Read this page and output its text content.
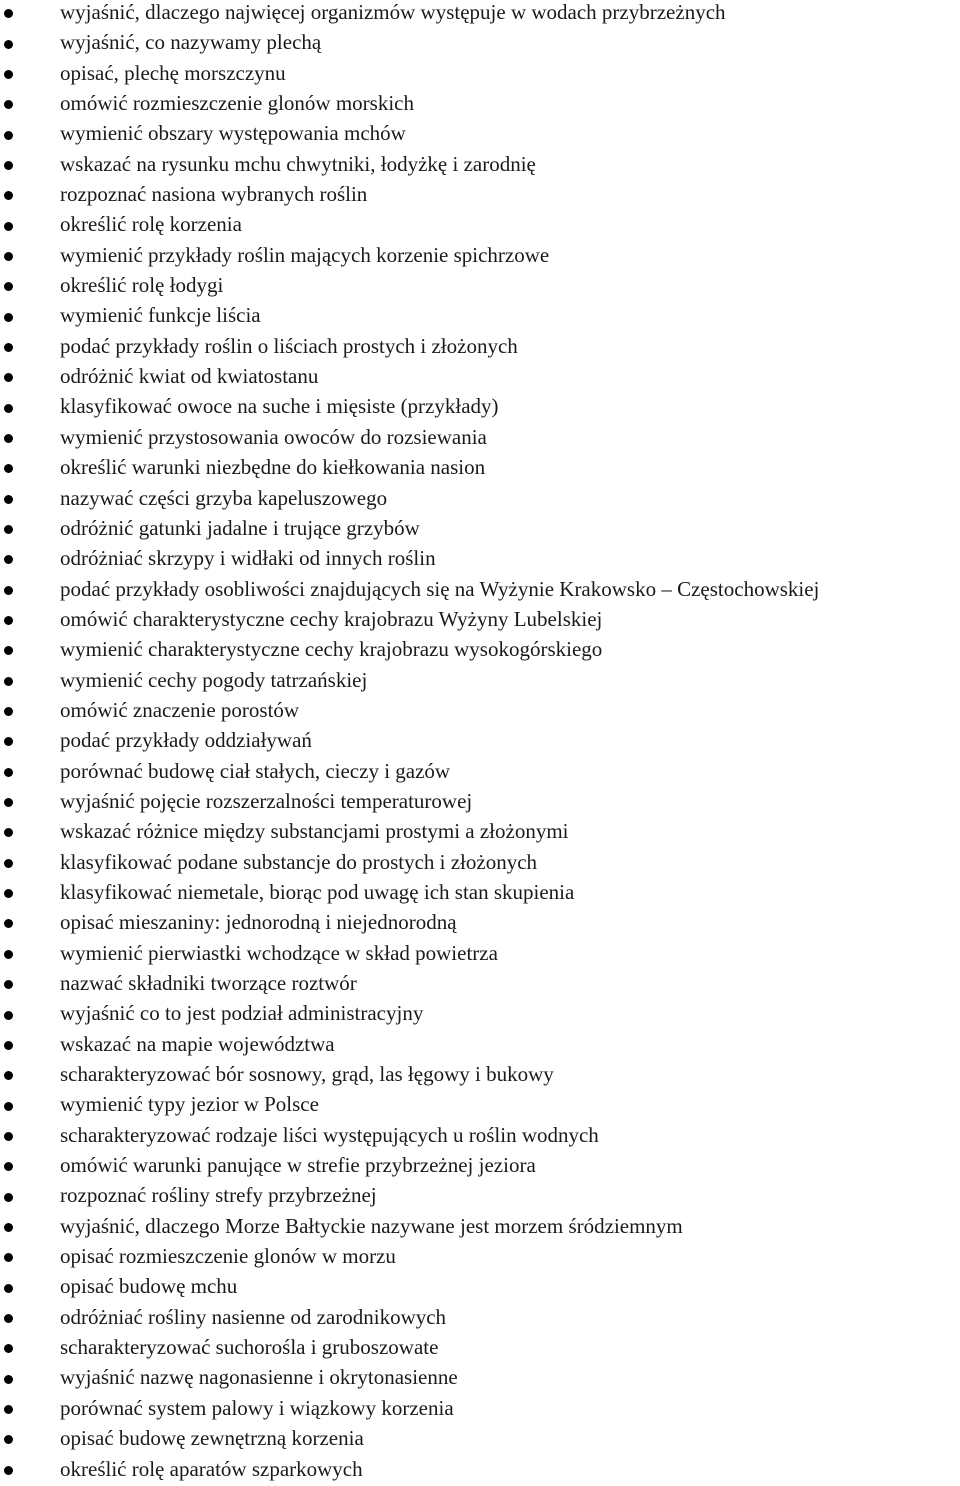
wyjaśnić, dlaczego najwięcej organizmów występuje w wodach przybrzeżnych
wyjaśnić, co nazywamy plechą
opisać, plechę morszczynu
omówić rozmieszczenie glonów morskich
wymienić obszary występowania mchów
wskazać na rysunku mchu chwytniki, łodyżkę i zarodnię
rozpoznać nasiona wybranych roślin
określić rolę korzenia
wymienić przykłady roślin mających korzenie spichrzowe
określić rolę łodygi
wymienić funkcje liścia
podać przykłady roślin o liściach prostych i złożonych
odróżnić kwiat od kwiatostanu
klasyfikować owoce na suche i mięsiste (przykłady)
wymienić przystosowania owoców do rozsiewania
określić warunki niezbędne do kiełkowania nasion
nazywać części grzyba kapeluszowego
odróżnić gatunki jadalne i trujące grzybów
odróżniać skrzypy i widłaki od innych roślin
podać przykłady osobliwości znajdujących się na Wyżynie Krakowsko – Częstochowskiej
omówić charakterystyczne cechy krajobrazu Wyżyny Lubelskiej
wymienić charakterystyczne cechy krajobrazu wysokogórskiego
wymienić cechy pogody tatrzańskiej
omówić znaczenie porostów
podać przykłady oddziaływań
porównać budowę ciał stałych, cieczy i gazów
wyjaśnić pojęcie rozszerzalności temperaturowej
wskazać różnice między substancjami prostymi a złożonymi
klasyfikować podane substancje do prostych i złożonych
klasyfikować niemetale, biorąc pod uwagę ich stan skupienia
opisać mieszaniny: jednorodną i niejednorodną
wymienić pierwiastki wchodzące w skład powietrza
nazwać składniki tworzące roztwór
wyjaśnić co to jest podział administracyjny
wskazać na mapie województwa
scharakteryzować bór sosnowy, grąd, las łęgowy i bukowy
wymienić typy jezior w Polsce
scharakteryzować rodzaje liści występujących u roślin wodnych
omówić warunki panujące w strefie przybrzeżnej jeziora
rozpoznać rośliny strefy przybrzeżnej
wyjaśnić, dlaczego Morze Bałtyckie nazywane jest morzem śródziemnym
opisać rozmieszczenie glonów w morzu
opisać budowę mchu
odróżniać rośliny nasienne od zarodnikowych
scharakteryzować suchorośla i gruboszowate
wyjaśnić nazwę nagonasienne i okrytonasienne
porównać system palowy i wiązkowy korzenia
opisać budowę zewnętrzną korzenia
określić rolę aparatów szparkowych
